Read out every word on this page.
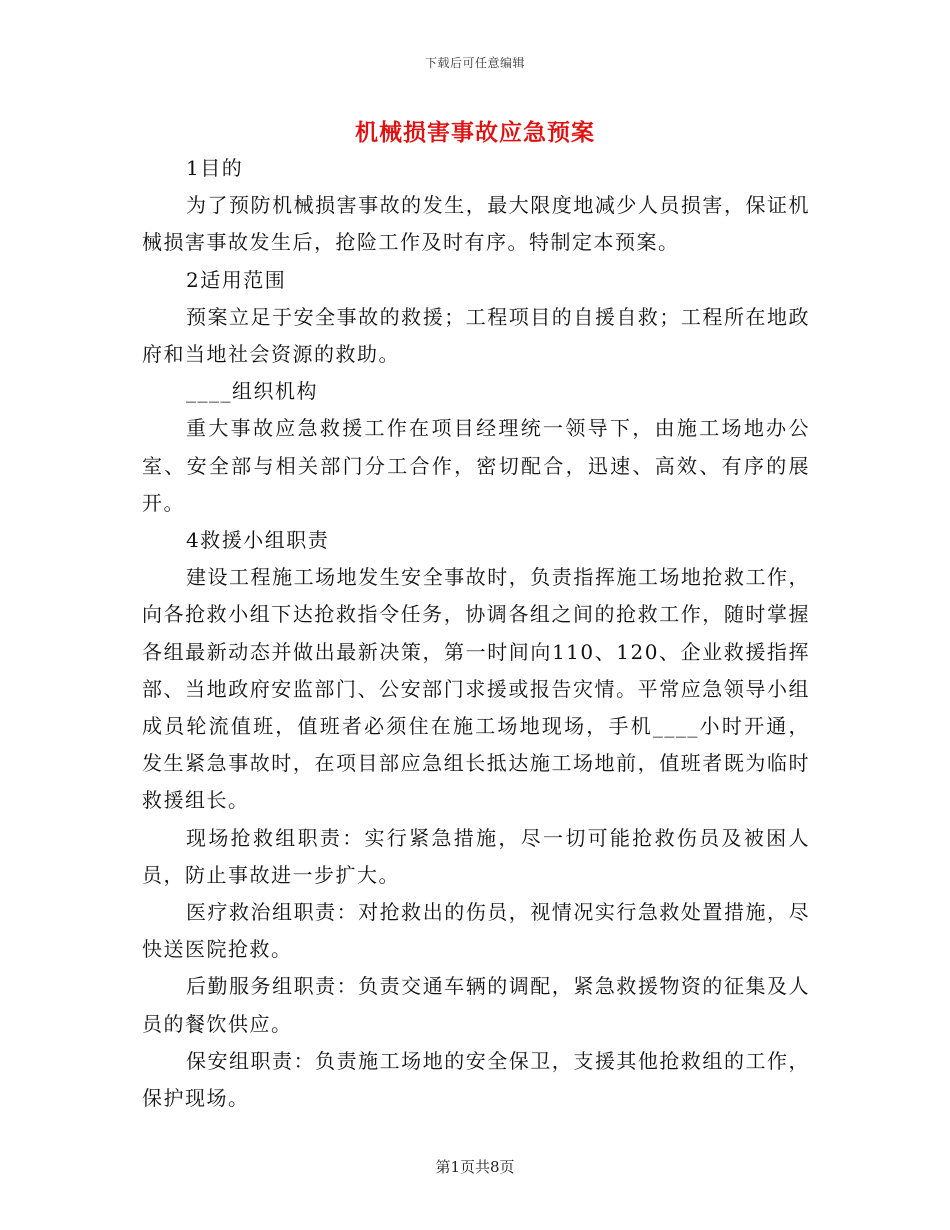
下载后可任意编辑
机械损害事故应急预案

1目的

为了预防机械损害事故的发生，最大限度地减少人员损害，保证机械损害事故发生后，抢险工作及时有序。特制定本预案。

2适用范围

预案立足于安全事故的救援；工程项目的自援自救；工程所在地政府和当地社会资源的救助。

____组织机构

重大事故应急救援工作在项目经理统一领导下，由施工场地办公室、安全部与相关部门分工合作，密切配合，迅速、高效、有序的展开。

4救援小组职责

建设工程施工场地发生安全事故时，负责指挥施工场地抢救工作，向各抢救小组下达抢救指令任务，协调各组之间的抢救工作，随时掌握各组最新动态并做出最新决策，第一时间向110、120、企业救援指挥部、当地政府安监部门、公安部门求援或报告灾情。平常应急领导小组成员轮流值班，值班者必须住在施工场地现场，手机____小时开通，发生紧急事故时，在项目部应急组长抵达施工场地前，值班者既为临时救援组长。

现场抢救组职责：实行紧急措施，尽一切可能抢救伤员及被困人员，防止事故进一步扩大。

医疗救治组职责：对抢救出的伤员，视情况实行急救处置措施，尽快送医院抢救。

后勤服务组职责：负责交通车辆的调配，紧急救援物资的征集及人员的餐饮供应。

保安组职责：负责施工场地的安全保卫，支援其他抢救组的工作，保护现场。

第1页共8页
